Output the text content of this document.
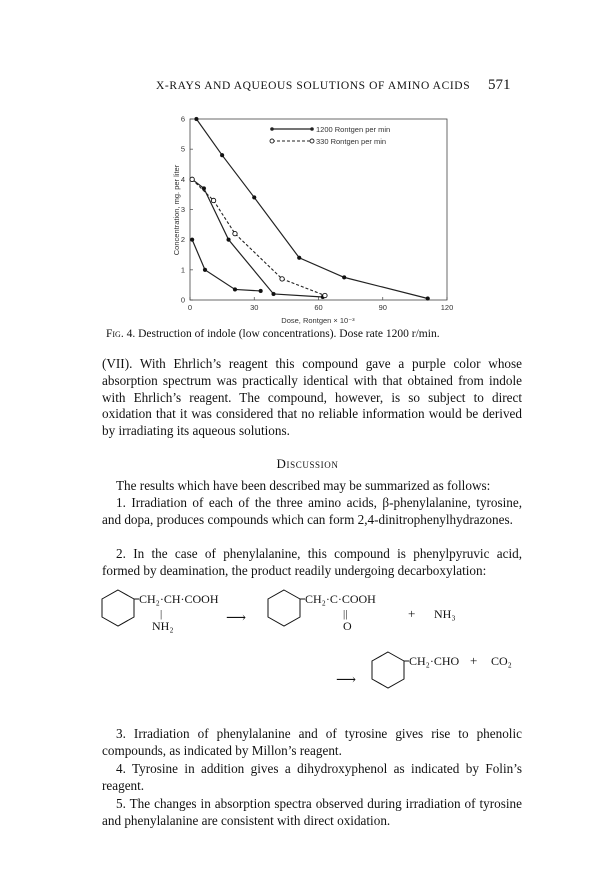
X-RAYS AND AQUEOUS SOLUTIONS OF AMINO ACIDS 571
0	30	60	90	120
0
1
2
3
4
5
6
1200 Rontgen per min
330 Rontgen per min
Dose, Rontgen × 10⁻³
Concentration, mg. per liter
Fig. 4. Destruction of indole (low concentrations). Dose rate 1200 r/min.

(VII). With Ehrlich’s reagent this compound gave a purple color whose absorption spectrum was practically identical with that obtained from indole with Ehrlich’s reagent. The compound, however, is so subject to direct oxidation that it was considered that no reliable information would be derived by irradiating its aqueous solutions.

Discussion

The results which have been described may be summarized as follows:

1. Irradiation of each of the three amino acids, β-phenylalanine, tyrosine, and dopa, produces compounds which can form 2,4-dinitrophenylhydrazones.

2. In the case of phenylalanine, this compound is phenylpyruvic acid, formed by deamination, the product readily undergoing decarboxylation:

CH₂·CH·COOH
|
NH₂	⟶
CH₂·C·COOH
||
O
+ NH₃
⟶
CH₂·CHO + CO₂

3. Irradiation of phenylalanine and of tyrosine gives rise to phenolic compounds, as indicated by Millon’s reagent.

4. Tyrosine in addition gives a dihydroxyphenol as indicated by Folin’s reagent.

5. The changes in absorption spectra observed during irradiation of tyrosine and phenylalanine are consistent with direct oxidation.
